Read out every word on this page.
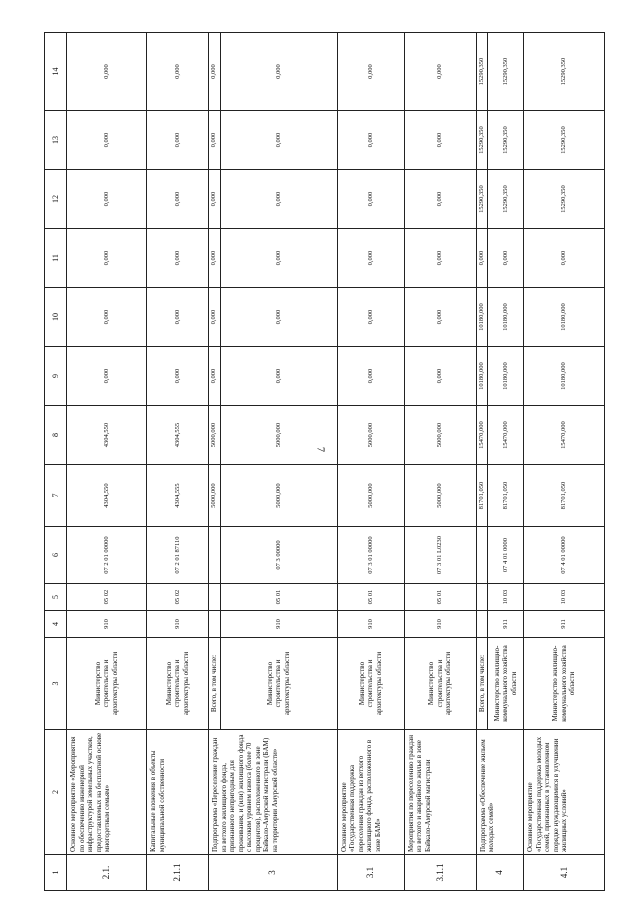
7
1	2	3	4	5	6	7	8	9	10	11	12	13	14
2.1.	Основное мероприятие «Мероприятия по обеспечению инженерной инфраструктурой земельных участков, предоставляемых на бесплатной основе многодетным семьям»	Министерство строительства и архитектуры области	910	05 02	07 2 01 00000	4304,550	4304,550	0,000	0,000	0,000	0,000	0,000	0,000
2.1.1	Капитальные вложения в объекты муниципальной собственности	Министерство строительства и архитектуры области	910	05 02	07 2 01 87110	4304,555	4304,555	0,000	0,000	0,000	0,000	0,000	0,000
3	Подпрограмма «Переселение граждан из ветхого жилищного фонда, признанного непригодным для проживания, и (или) жилищного фонда с высоким уровнем износа (более 70 процентов), расположенного в зоне Байкало-Амурской магистрали (БАМ) на территории Амурской области»	Всего, в том числе:				5000,000	5000,000	0,000	0,000	0,000	0,000	0,000	0,000
		Министерство строительства и архитектуры области	910	05 01	07 3 00000	5000,000	5000,000	0,000	0,000	0,000	0,000	0,000	0,000
3.1	Основное мероприятие «Государственная поддержка переселения граждан из ветхого жилищного фонда, расположенного в зоне БАМ»	Министерство строительства и архитектуры области	910	05 01	07 3 01 00000	5000,000	5000,000	0,000	0,000	0,000	0,000	0,000	0,000
3.1.1	Мероприятия по переселению граждан из ветхого и аварийного жилья в зоне Байкало-Амурской магистрали	Министерство строительства и архитектуры области	910	05 01	07 3 01 L0230	5000,000	5000,000	0,000	0,000	0,000	0,000	0,000	0,000
4	Подпрограмма «Обеспечение жильем молодых семей»	Всего, в том числе:				81701,050	15470,000	10180,000	10180,000	0,000	15290,350	15290,350	15290,350
		Министерство жилищно-коммунального хозяйства области	911	10 03	07 4 01 0000	81701,050	15470,000	10180,000	10180,000	0,000	15290,350	15290,350	15290,350
4.1	Основное мероприятие «Государственная поддержка молодых семей, признанных в установленном порядке нуждающимися в улучшении жилищных условий»	Министерство жилищно-коммунального хозяйства области	911	10 03	07 4 01 00000	81701,050	15470,000	10180,000	10180,000	0,000	15290,350	15290,350	15290,350
